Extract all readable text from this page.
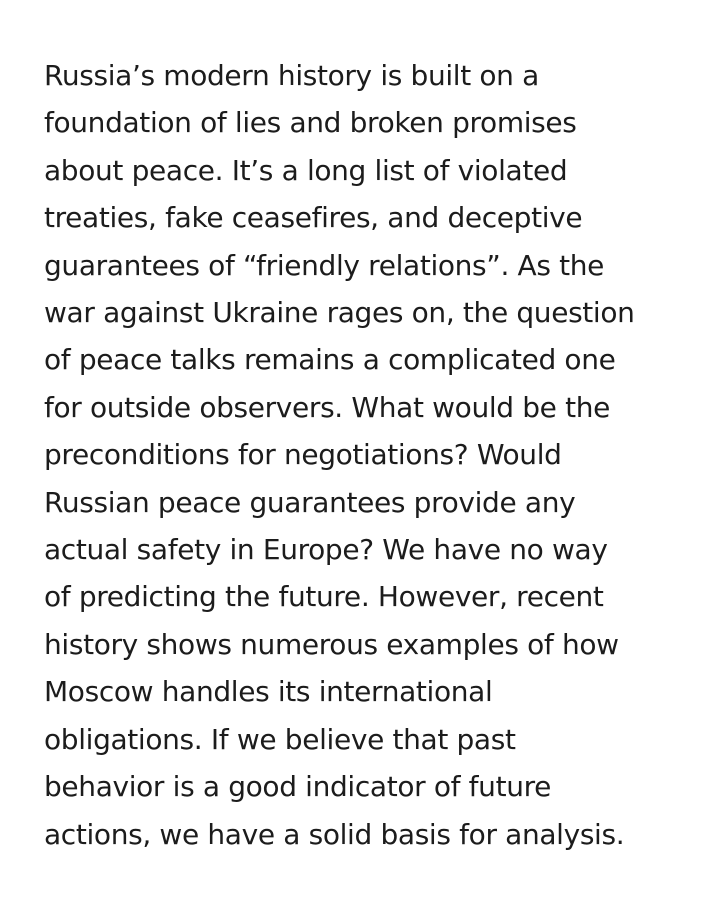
Russia’s modern history is built on a
foundation of lies and broken promises
about peace. It’s a long list of violated
treaties, fake ceasefires, and deceptive
guarantees of “friendly relations”. As the
war against Ukraine rages on, the question
of peace talks remains a complicated one
for outside observers. What would be the
preconditions for negotiations? Would
Russian peace guarantees provide any
actual safety in Europe? We have no way
of predicting the future. However, recent
history shows numerous examples of how
Moscow handles its international
obligations. If we believe that past
behavior is a good indicator of future
actions, we have a solid basis for analysis.
